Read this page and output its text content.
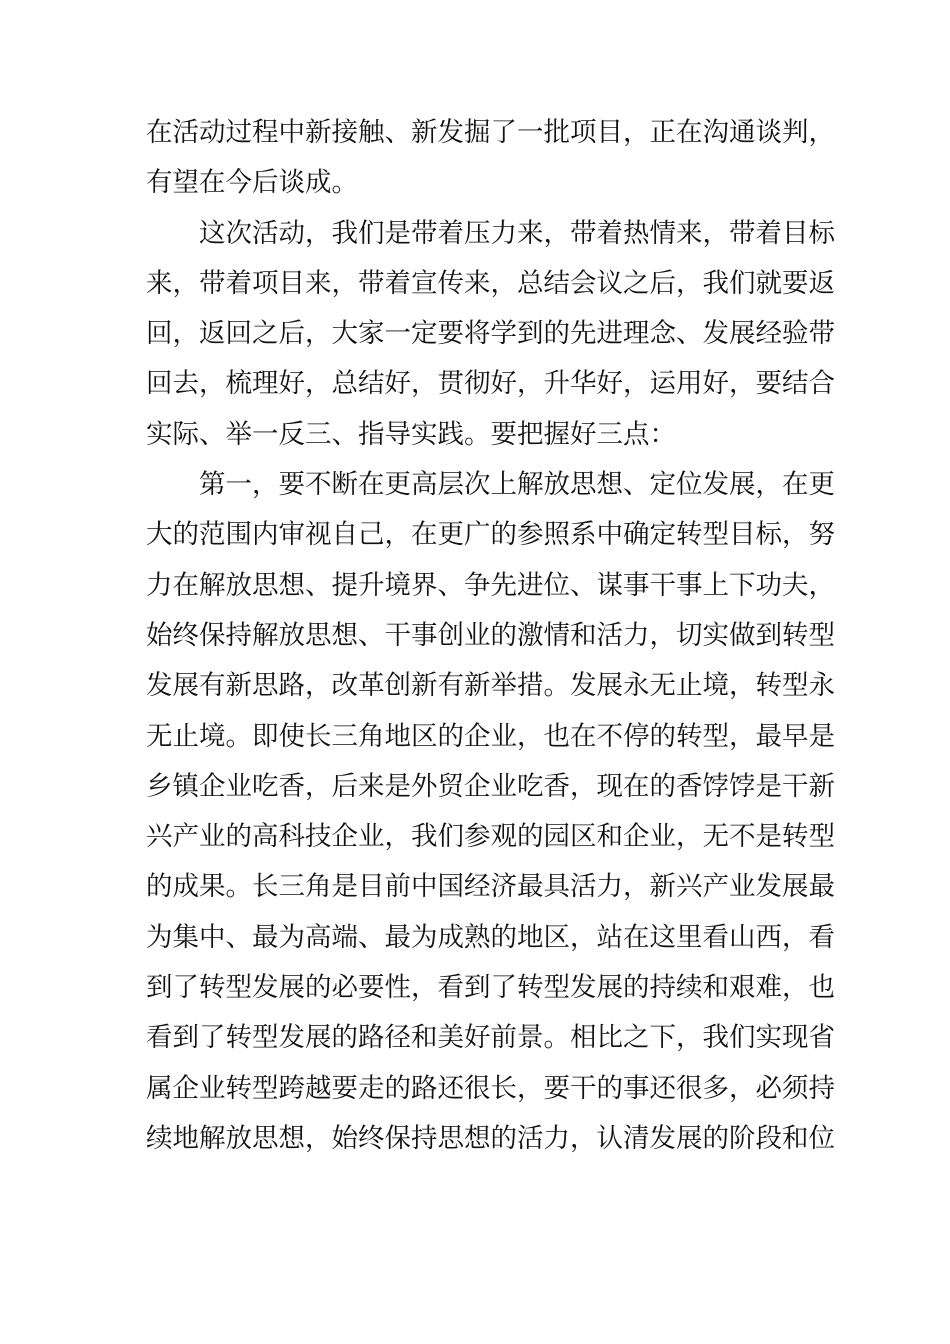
在活动过程中新接触、新发掘了一批项目，正在沟通谈判，
有望在今后谈成。
这次活动，我们是带着压力来，带着热情来，带着目标
来，带着项目来，带着宣传来，总结会议之后，我们就要返
回，返回之后，大家一定要将学到的先进理念、发展经验带
回去，梳理好，总结好，贯彻好，升华好，运用好，要结合
实际、举一反三、指导实践。要把握好三点：
第一，要不断在更高层次上解放思想、定位发展，在更
大的范围内审视自己，在更广的参照系中确定转型目标，努
力在解放思想、提升境界、争先进位、谋事干事上下功夫，
始终保持解放思想、干事创业的激情和活力，切实做到转型
发展有新思路，改革创新有新举措。发展永无止境，转型永
无止境。即使长三角地区的企业，也在不停的转型，最早是
乡镇企业吃香，后来是外贸企业吃香，现在的香饽饽是干新
兴产业的高科技企业，我们参观的园区和企业，无不是转型
的成果。长三角是目前中国经济最具活力，新兴产业发展最
为集中、最为高端、最为成熟的地区，站在这里看山西，看
到了转型发展的必要性，看到了转型发展的持续和艰难，也
看到了转型发展的路径和美好前景。相比之下，我们实现省
属企业转型跨越要走的路还很长，要干的事还很多，必须持
续地解放思想，始终保持思想的活力，认清发展的阶段和位
